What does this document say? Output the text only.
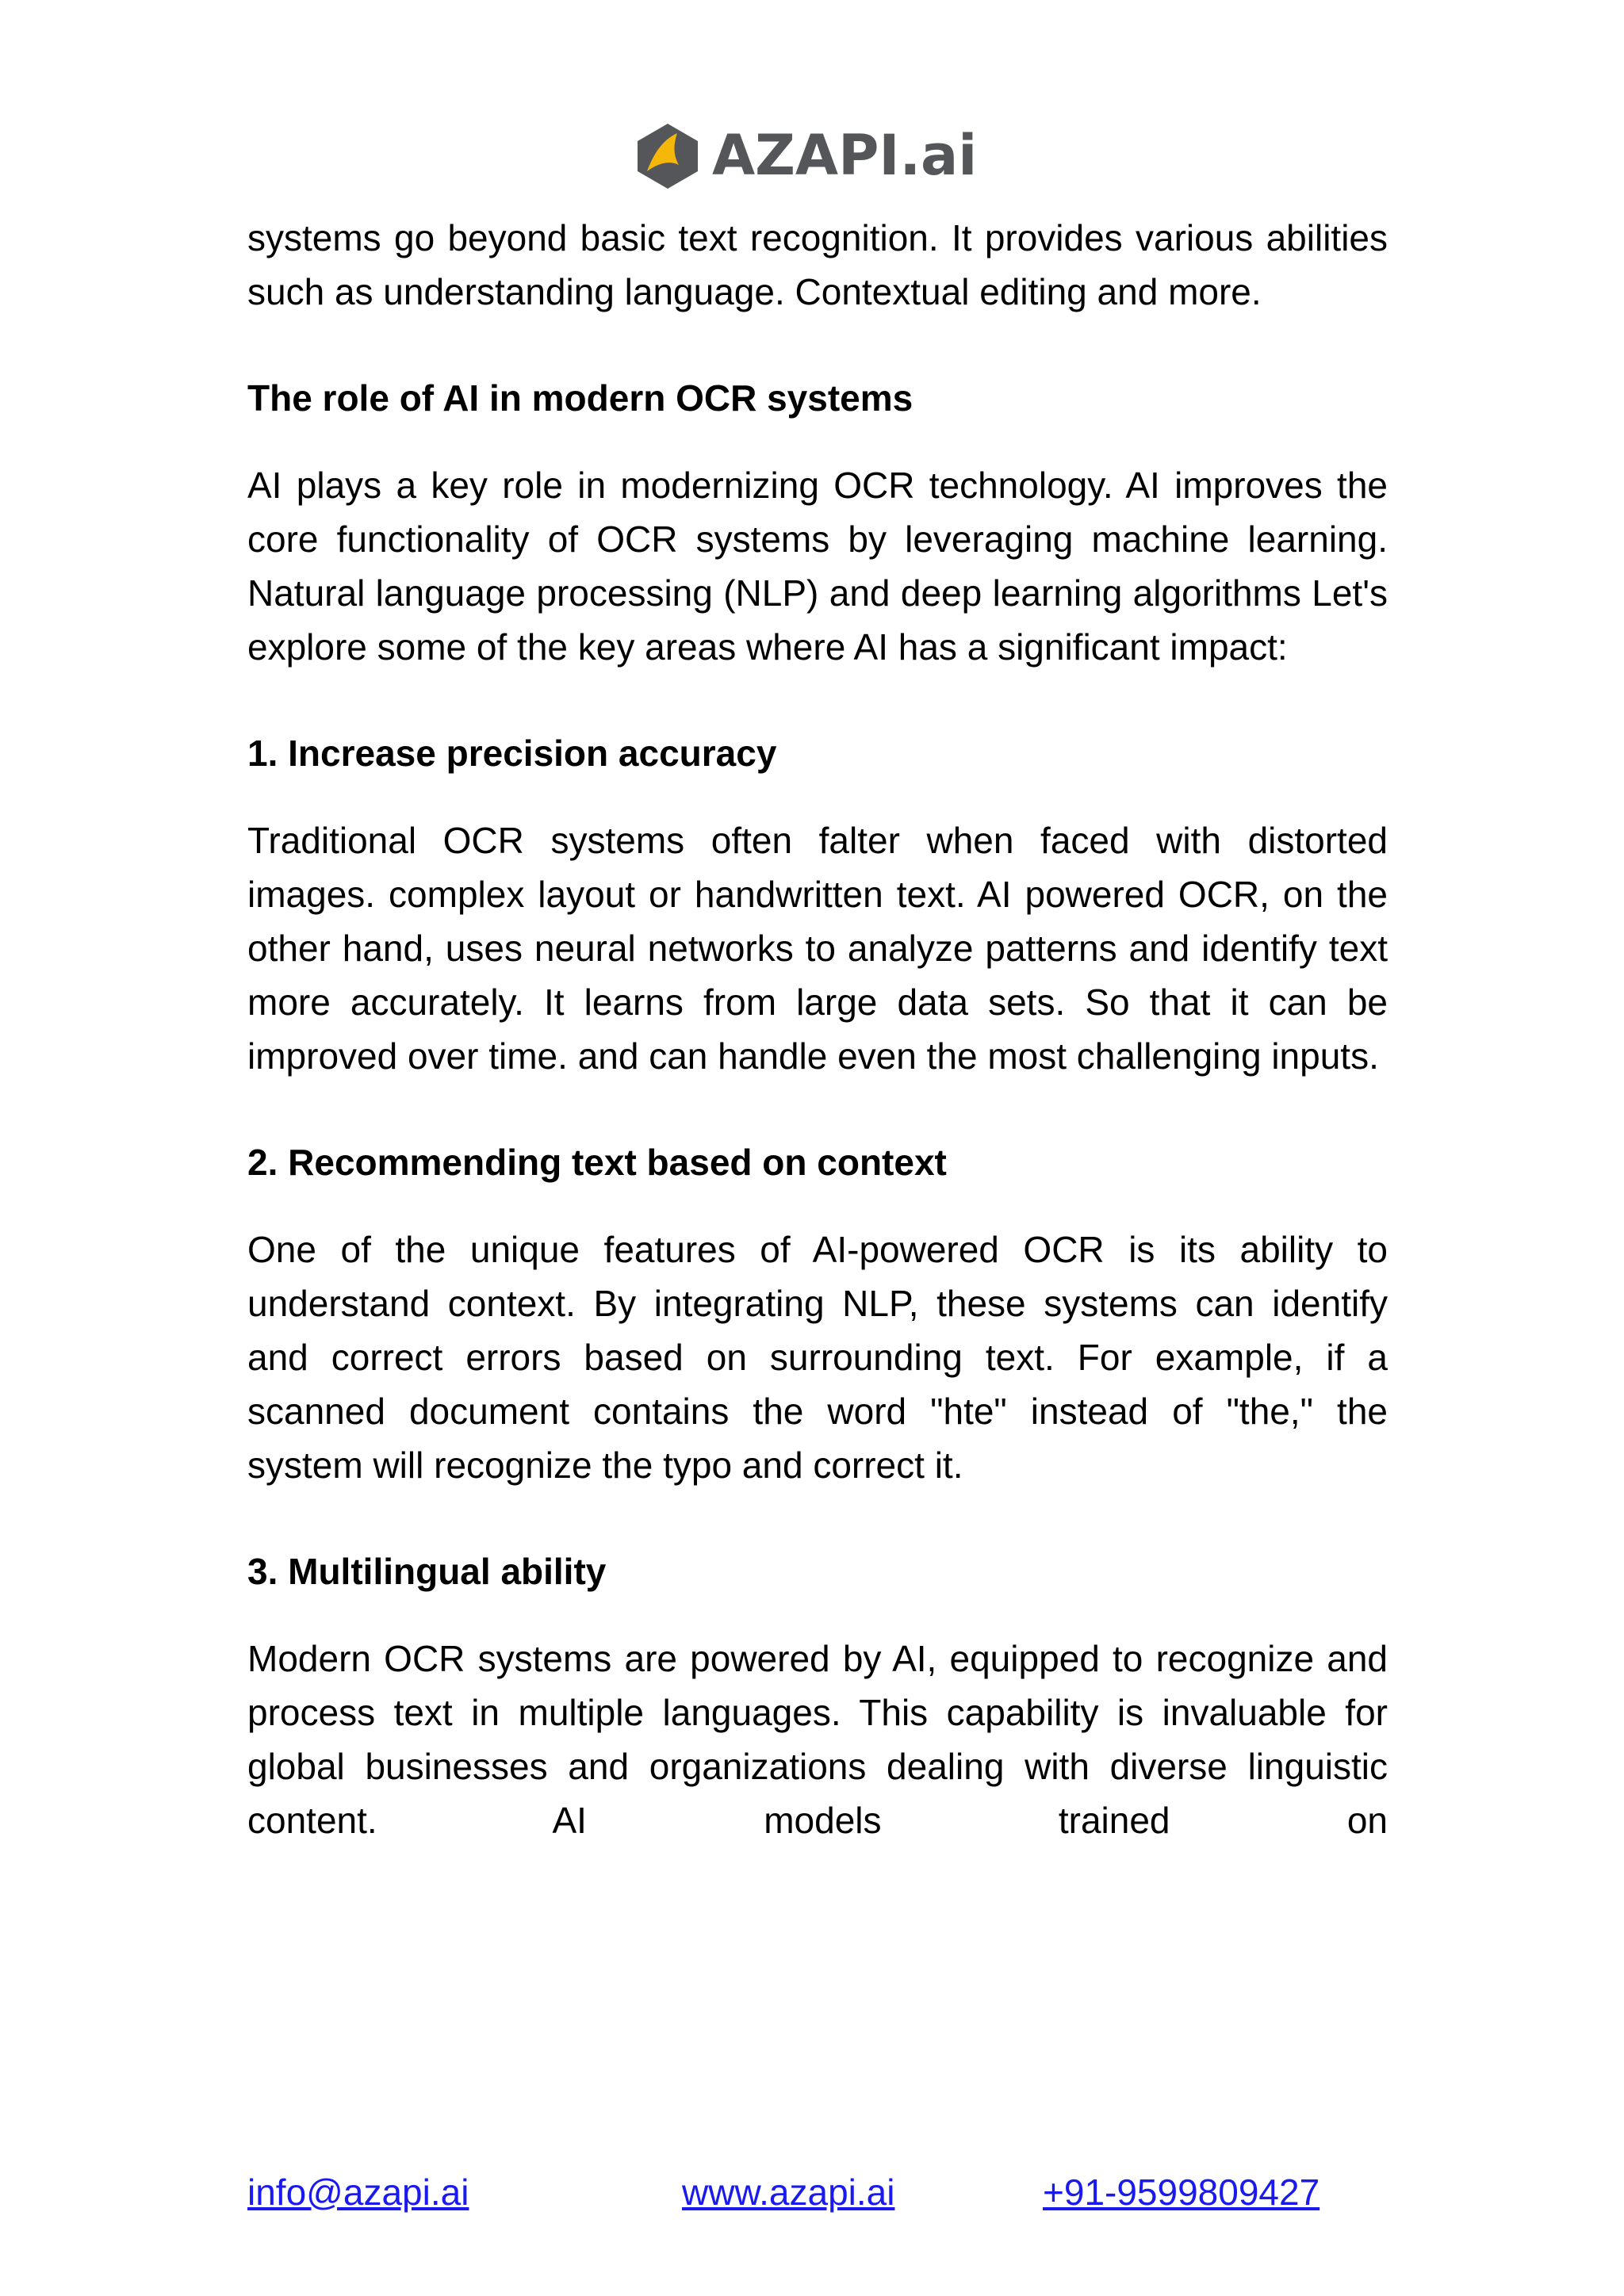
AZAPI.ai

systems go beyond basic text recognition. It provides various abilities such as understanding language. Contextual editing and more.

The role of AI in modern OCR systems

AI plays a key role in modernizing OCR technology. AI improves the core functionality of OCR systems by leveraging machine learning. Natural language processing (NLP) and deep learning algorithms Let's explore some of the key areas where AI has a significant impact:

1. Increase precision accuracy

Traditional OCR systems often falter when faced with distorted images. complex layout or handwritten text. AI powered OCR, on the other hand, uses neural networks to analyze patterns and identify text more accurately. It learns from large data sets. So that it can be improved over time. and can handle even the most challenging inputs.

2. Recommending text based on context

One of the unique features of AI-powered OCR is its ability to understand context. By integrating NLP, these systems can identify and correct errors based on surrounding text. For example, if a scanned document contains the word "hte" instead of "the," the system will recognize the typo and correct it.

3. Multilingual ability

Modern OCR systems are powered by AI, equipped to recognize and process text in multiple languages. This capability is invaluable for global businesses and organizations dealing with diverse linguistic content. AI models trained on

info@azapi.ai	www.azapi.ai	+91-9599809427
